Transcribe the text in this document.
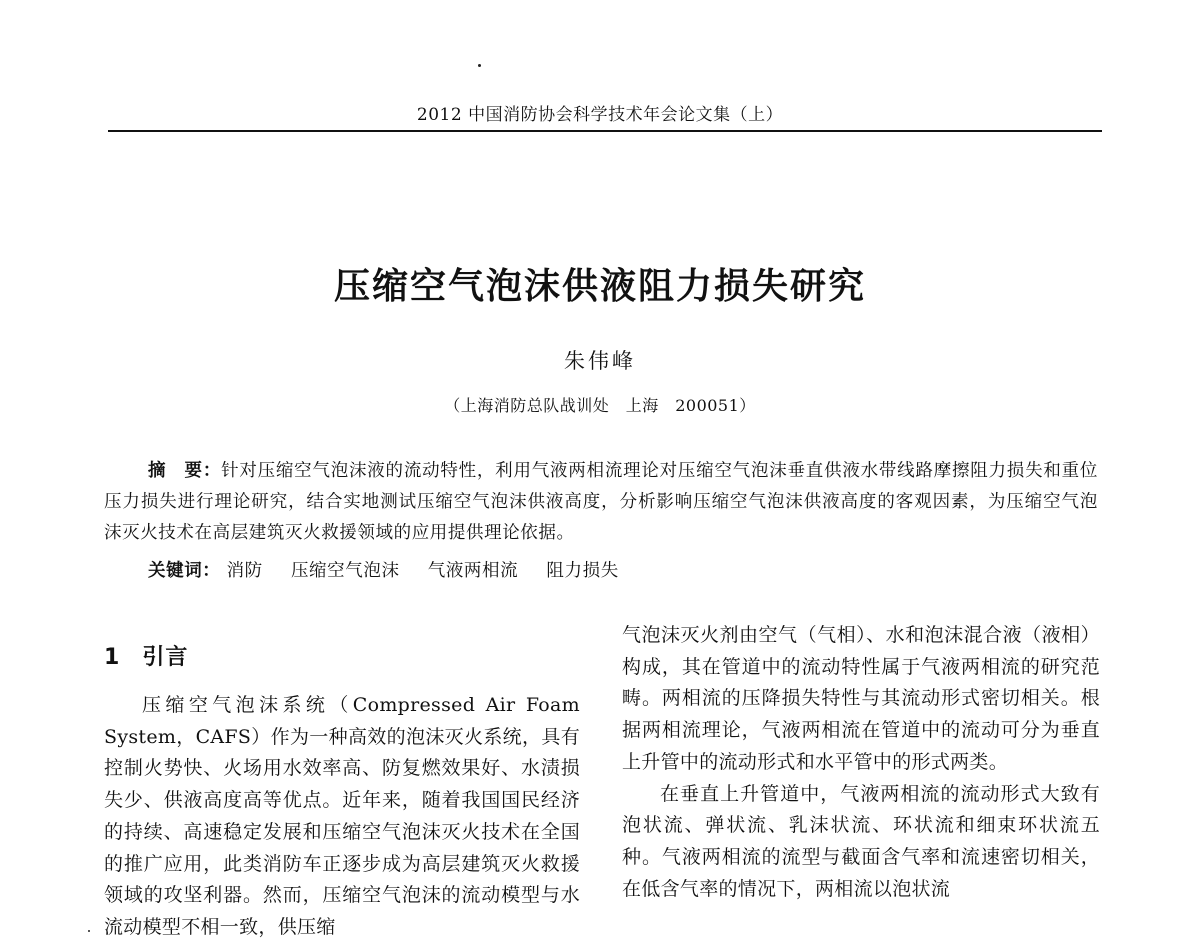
2012 中国消防协会科学技术年会论文集（上）
压缩空气泡沫供液阻力损失研究
朱伟峰
（上海消防总队战训处　上海　200051）
摘　要：针对压缩空气泡沫液的流动特性，利用气液两相流理论对压缩空气泡沫垂直供液水带线路摩擦阻力损失和重位压力损失进行理论研究，结合实地测试压缩空气泡沫供液高度，分析影响压缩空气泡沫供液高度的客观因素，为压缩空气泡沫灭火技术在高层建筑灭火救援领域的应用提供理论依据。
关键词： 消防 压缩空气泡沫 气液两相流 阻力损失
1 引言

压缩空气泡沫系统（Compressed Air Foam System，CAFS）作为一种高效的泡沫灭火系统，具有控制火势快、火场用水效率高、防复燃效果好、水渍损失少、供液高度高等优点。近年来，随着我国国民经济的持续、高速稳定发展和压缩空气泡沫灭火技术在全国的推广应用，此类消防车正逐步成为高层建筑灭火救援领域的攻坚利器。然而，压缩空气泡沫的流动模型与水流动模型不相一致，供压缩

气泡沫灭火剂由空气（气相）、水和泡沫混合液（液相）构成，其在管道中的流动特性属于气液两相流的研究范畴。两相流的压降损失特性与其流动形式密切相关。根据两相流理论，气液两相流在管道中的流动可分为垂直上升管中的流动形式和水平管中的形式两类。

在垂直上升管道中，气液两相流的流动形式大致有泡状流、弹状流、乳沫状流、环状流和细束环状流五种。气液两相流的流型与截面含气率和流速密切相关，在低含气率的情况下，两相流以泡状流
